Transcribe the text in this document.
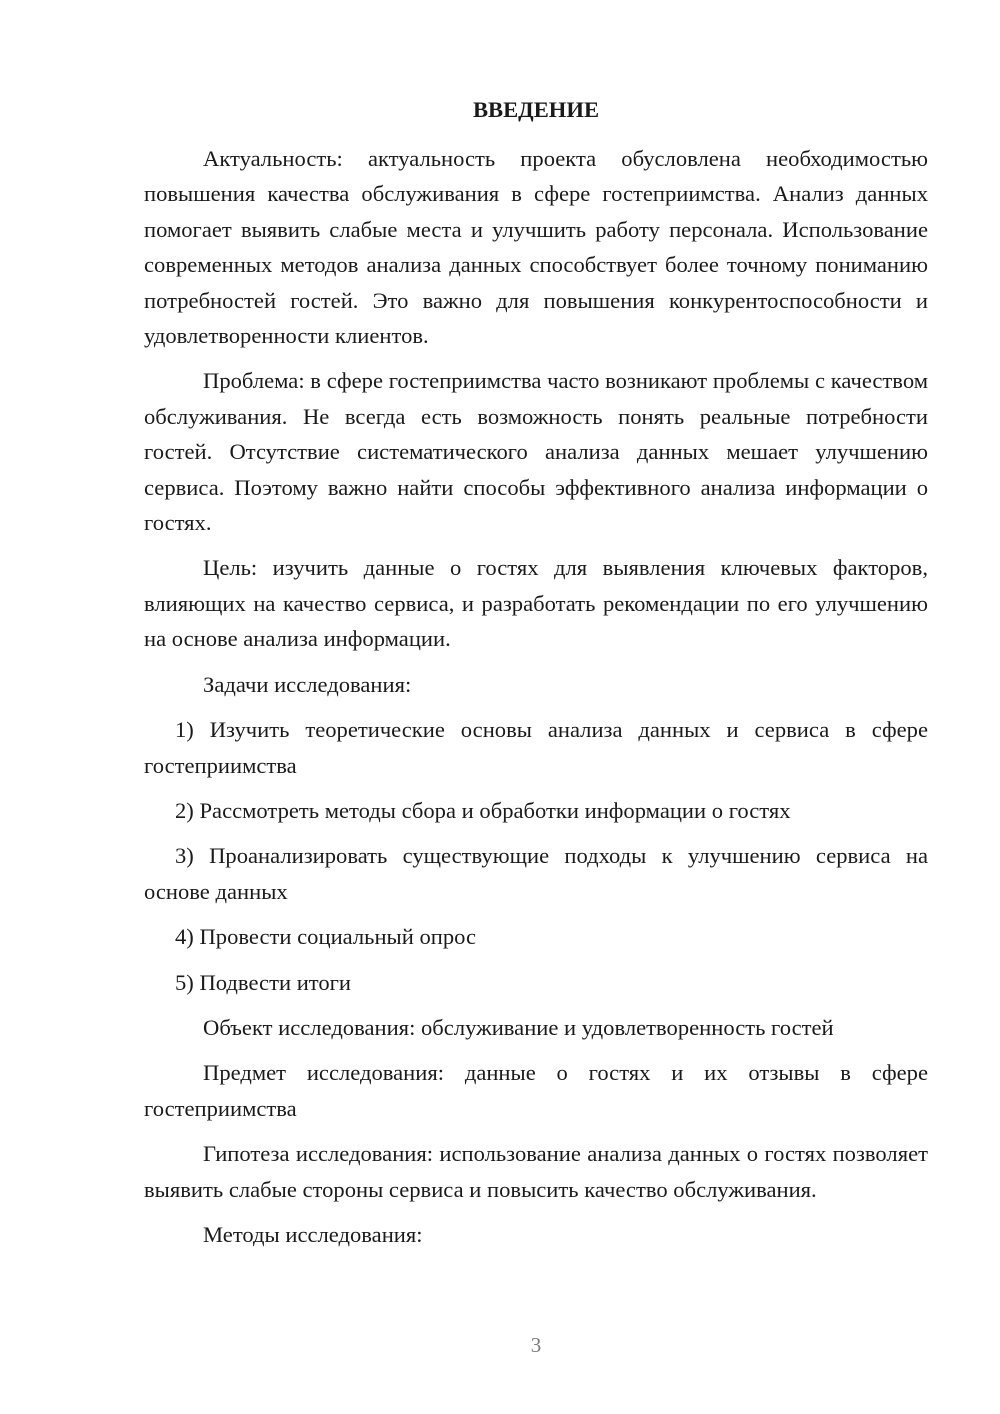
ВВЕДЕНИЕ

Актуальность: актуальность проекта обусловлена необходимостью повышения качества обслуживания в сфере гостеприимства. Анализ данных помогает выявить слабые места и улучшить работу персонала. Использование современных методов анализа данных способствует более точному пониманию потребностей гостей. Это важно для повышения конкурентоспособности и удовлетворенности клиентов.

Проблема: в сфере гостеприимства часто возникают проблемы с качеством обслуживания. Не всегда есть возможность понять реальные потребности гостей. Отсутствие систематического анализа данных мешает улучшению сервиса. Поэтому важно найти способы эффективного анализа информации о гостях.

Цель: изучить данные о гостях для выявления ключевых факторов, влияющих на качество сервиса, и разработать рекомендации по его улучшению на основе анализа информации.

Задачи исследования:

1) Изучить теоретические основы анализа данных и сервиса в сфере гостеприимства

2) Рассмотреть методы сбора и обработки информации о гостях

3) Проанализировать существующие подходы к улучшению сервиса на основе данных

4) Провести социальный опрос

5) Подвести итоги

Объект исследования: обслуживание и удовлетворенность гостей

Предмет исследования: данные о гостях и их отзывы в сфере гостеприимства

Гипотеза исследования: использование анализа данных о гостях позволяет выявить слабые стороны сервиса и повысить качество обслуживания.

Методы исследования:

3
